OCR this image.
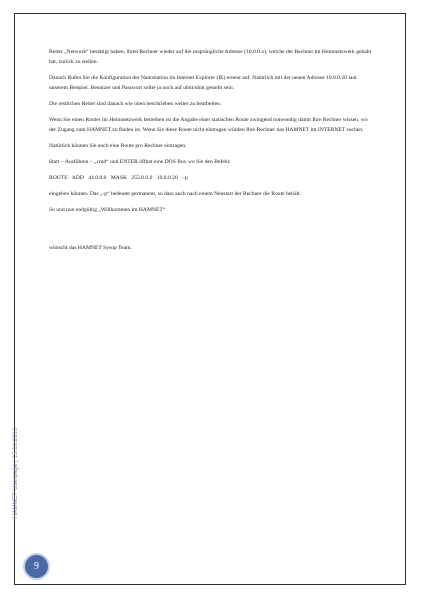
Reiter „Network“ bestätigt haben, ihren Rechner wieder auf die ursprüngliche Adresse (10.0.0.x), welche der Rechner im Heimnetzwerk gehabt hat, zurück zu stellen.

Danach Rufen Sie die Konfiguration der Nanostation im Internet Explorer (IE) erneut auf. Natürlich mit der neuen Adresse 10.0.0.20 laut unserem Beispiel. Benutzer und Passwort sollte ja noch auf ubnt/ubnt gestellt sein.

Die restlichen Reiter sind danach wie oben beschrieben weiter zu bearbeiten.

Wenn Sie einen Router im Heimnetzwerk betreiben ist die Angabe einer statischen Route zwingend notwendig damit Ihre Rechner wissen, wo der Zugang zum HAMNET zu finden ist. Wenn Sie diese Route nicht eintragen würden Ihre Rechner das HAMNET im INTERNET suchen.

Natürlich können Sie auch eine Route pro Rechner eintragen.

Start – Ausführen – „cmd“ und ENTER öffnet eine DOS Box wo Sie den Befehl:

ROUTE ADD 44.0.0.0 MASK 255.0.0.0 10.0.0.20 –p

eingeben können. Das „-p“ bedeutet permanent, so dass auch nach einem Neustart der Rechner die Route behält.

So und nun endgültig „Willkommen im HAMNET“

wünscht das HAMNET Sysop Team.

HAMNET Userpage | 15.10.2010
9
